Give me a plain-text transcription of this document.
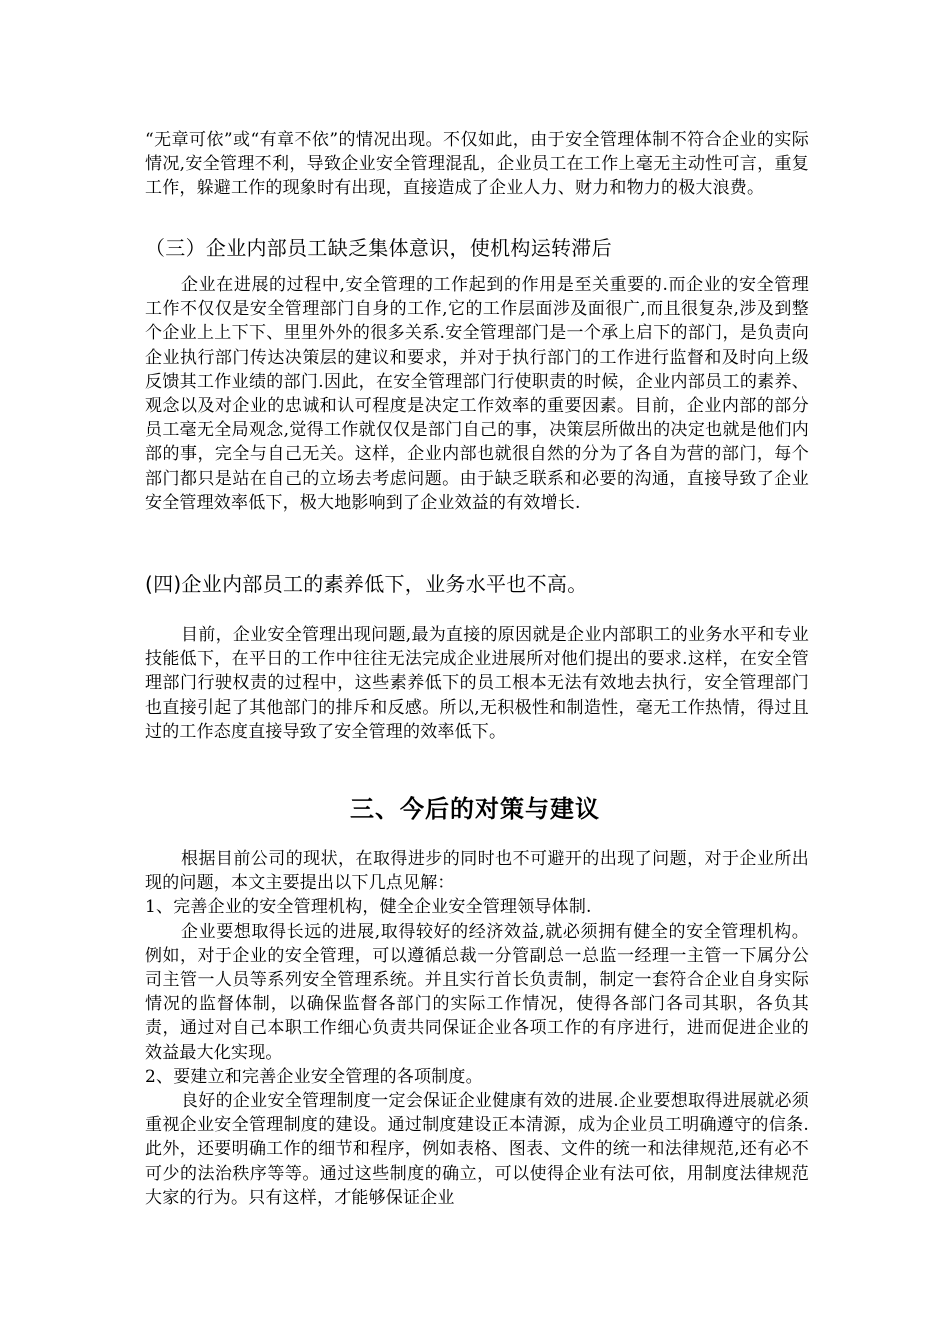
“无章可依”或“有章不依”的情况出现。不仅如此，由于安全管理体制不符合企业的实际情况,安全管理不利，导致企业安全管理混乱，企业员工在工作上毫无主动性可言，重复工作，躲避工作的现象时有出现，直接造成了企业人力、财力和物力的极大浪费。

（三）企业内部员工缺乏集体意识，使机构运转滞后

企业在进展的过程中,安全管理的工作起到的作用是至关重要的.而企业的安全管理工作不仅仅是安全管理部门自身的工作,它的工作层面涉及面很广,而且很复杂,涉及到整个企业上上下下、里里外外的很多关系.安全管理部门是一个承上启下的部门，是负责向企业执行部门传达决策层的建议和要求，并对于执行部门的工作进行监督和及时向上级反馈其工作业绩的部门.因此，在安全管理部门行使职责的时候，企业内部员工的素养、观念以及对企业的忠诚和认可程度是决定工作效率的重要因素。目前，企业内部的部分员工毫无全局观念,觉得工作就仅仅是部门自己的事，决策层所做出的决定也就是他们内部的事，完全与自己无关。这样，企业内部也就很自然的分为了各自为营的部门，每个部门都只是站在自己的立场去考虑问题。由于缺乏联系和必要的沟通，直接导致了企业安全管理效率低下，极大地影响到了企业效益的有效增长.

(四)企业内部员工的素养低下，业务水平也不高。

目前，企业安全管理出现问题,最为直接的原因就是企业内部职工的业务水平和专业技能低下，在平日的工作中往往无法完成企业进展所对他们提出的要求.这样，在安全管理部门行驶权责的过程中，这些素养低下的员工根本无法有效地去执行，安全管理部门也直接引起了其他部门的排斥和反感。所以,无积极性和制造性，毫无工作热情，得过且过的工作态度直接导致了安全管理的效率低下。

三、今后的对策与建议

根据目前公司的现状，在取得进步的同时也不可避开的出现了问题，对于企业所出现的问题，本文主要提出以下几点见解：

1、完善企业的安全管理机构，健全企业安全管理领导体制.

企业要想取得长远的进展,取得较好的经济效益,就必须拥有健全的安全管理机构。例如，对于企业的安全管理，可以遵循总裁一分管副总一总监一经理一主管一下属分公司主管一人员等系列安全管理系统。并且实行首长负责制，制定一套符合企业自身实际情况的监督体制，以确保监督各部门的实际工作情况，使得各部门各司其职，各负其责，通过对自己本职工作细心负责共同保证企业各项工作的有序进行，进而促进企业的效益最大化实现。

2、要建立和完善企业安全管理的各项制度。

良好的企业安全管理制度一定会保证企业健康有效的进展.企业要想取得进展就必须重视企业安全管理制度的建设。通过制度建设正本清源，成为企业员工明确遵守的信条.此外，还要明确工作的细节和程序，例如表格、图表、文件的统一和法律规范,还有必不可少的法治秩序等等。通过这些制度的确立，可以使得企业有法可依，用制度法律规范大家的行为。只有这样，才能够保证企业
